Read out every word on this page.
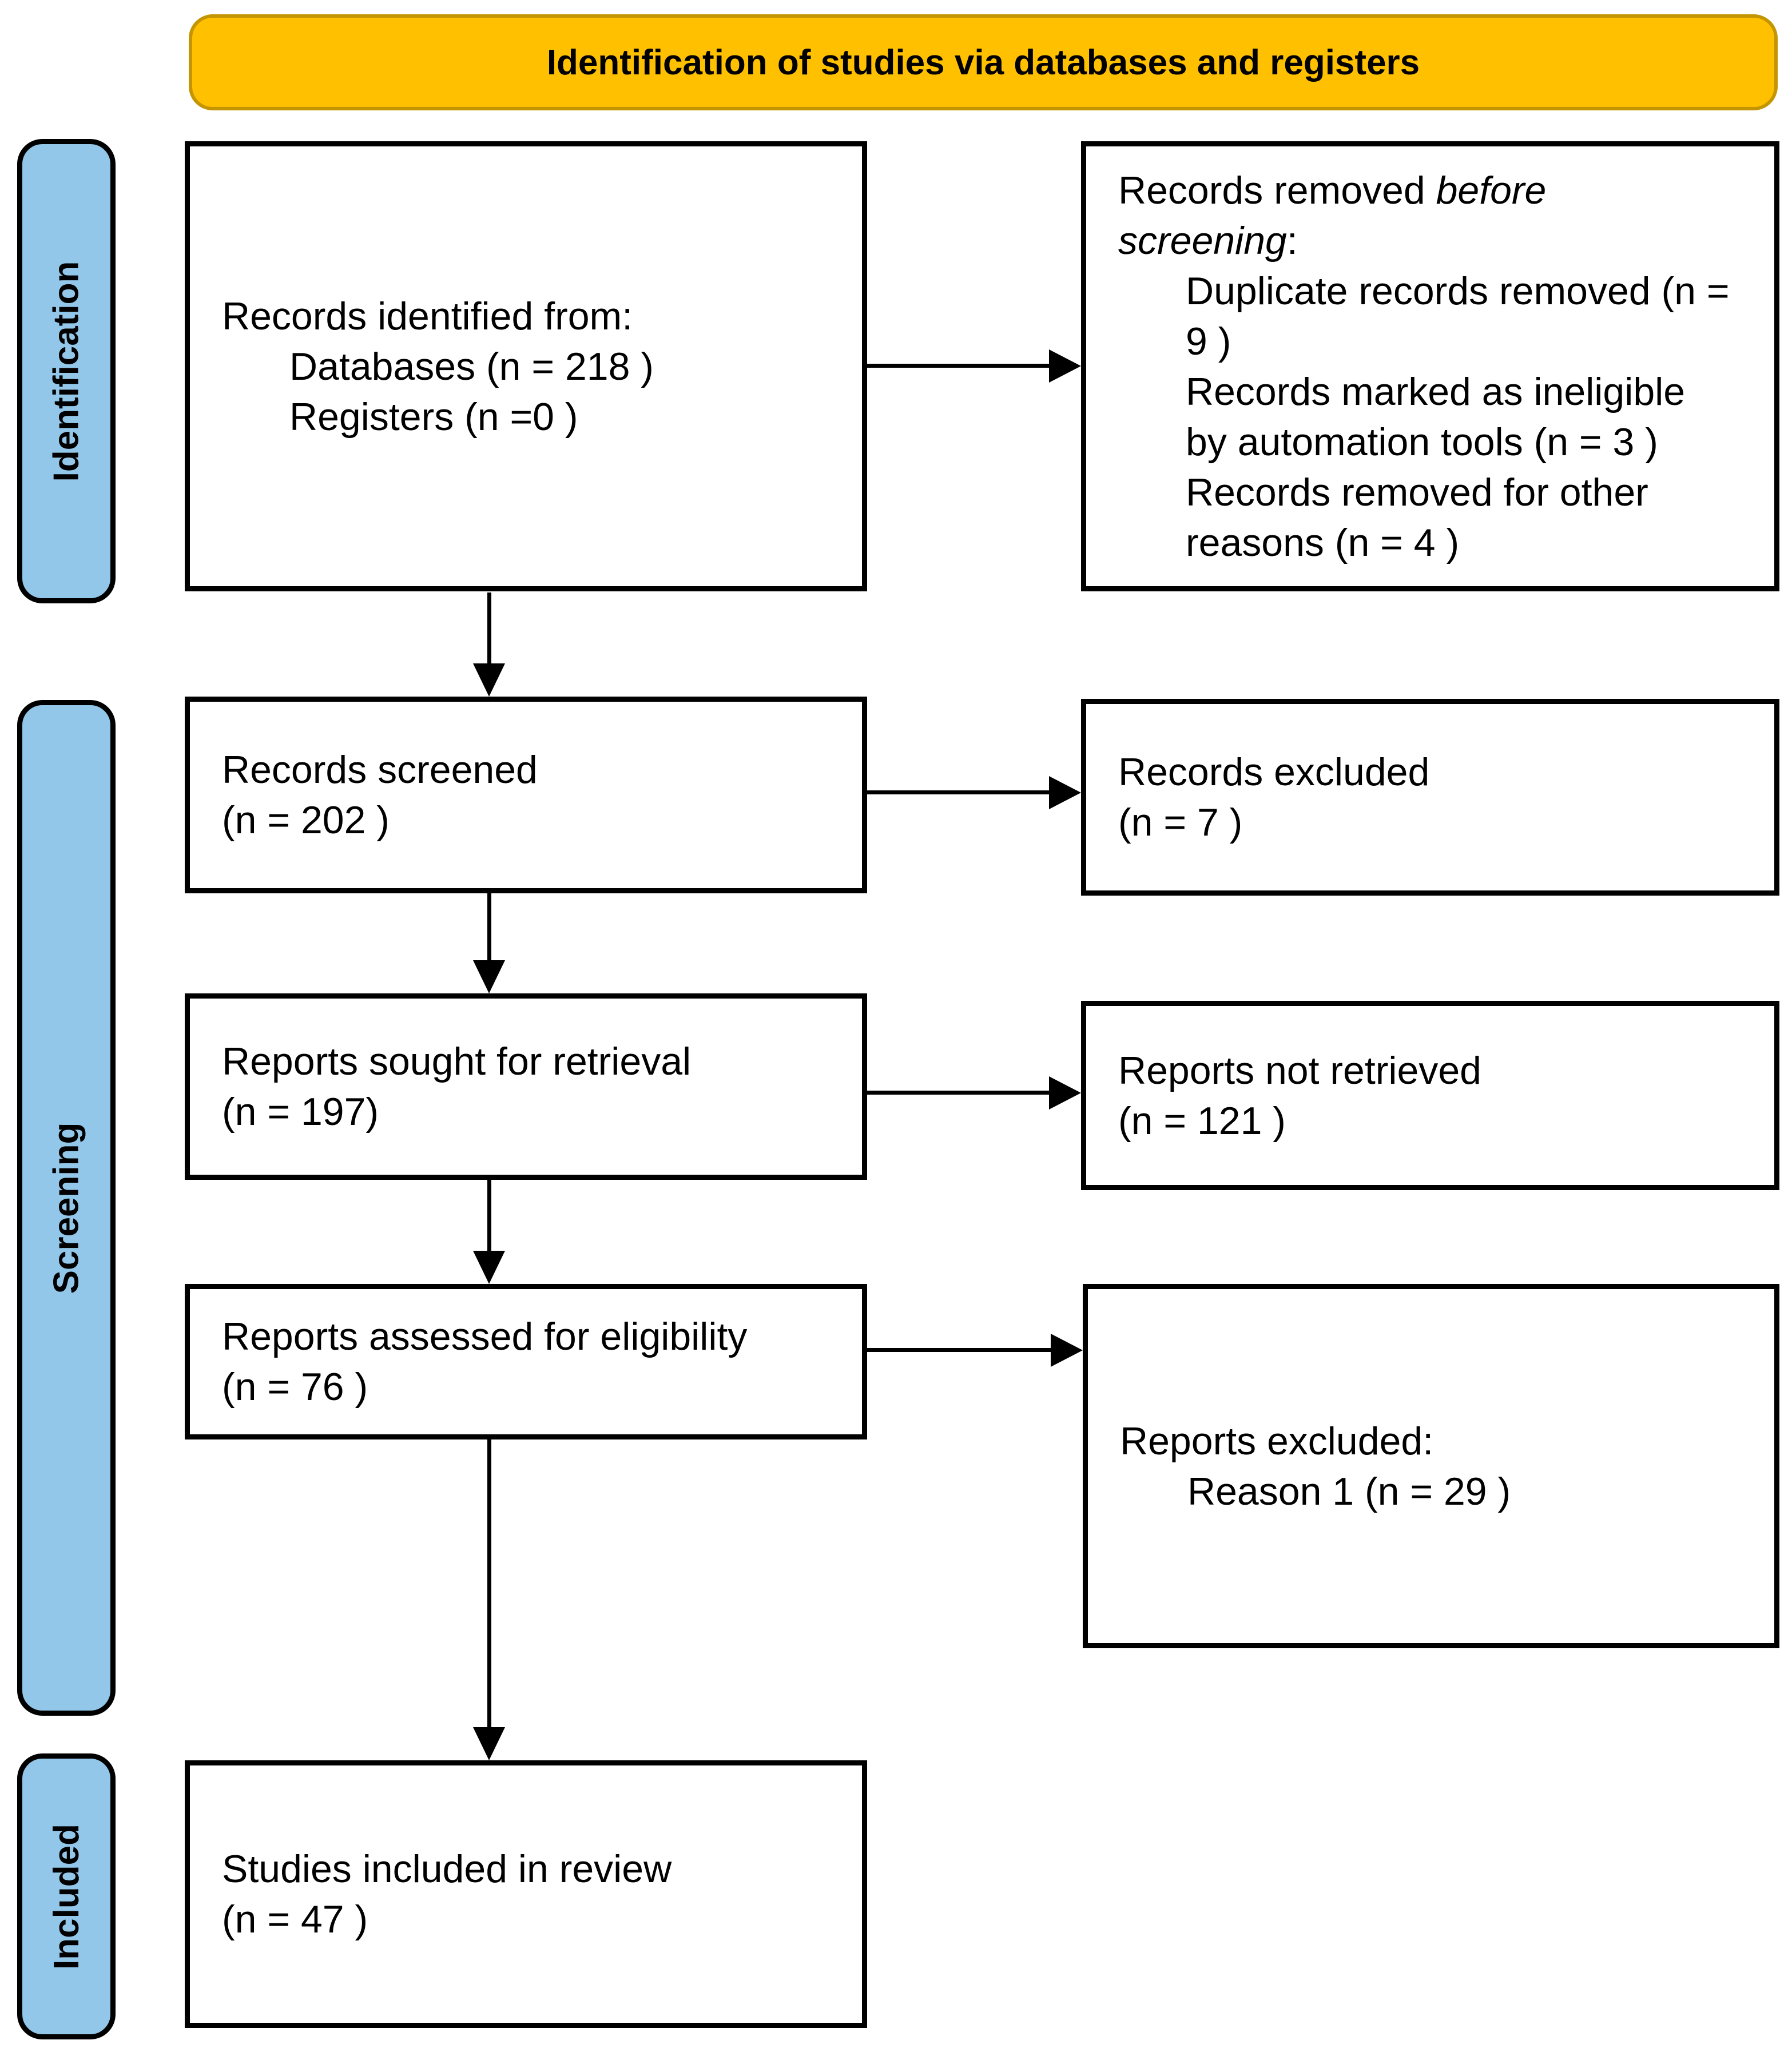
Identification of studies via databases and registers
Identification
Screening
Included
Records identified from:
Databases (n = 218 )
Registers (n =0 )
Records removed before screening:
Duplicate records removed (n = 9 )
Records marked as ineligible by automation tools (n = 3 )
Records removed for other reasons (n = 4 )
Records screened
(n = 202 )
Records excluded
(n = 7 )
Reports sought for retrieval
(n = 197)
Reports not retrieved
(n = 121 )
Reports assessed for eligibility
(n = 76 )
Reports excluded:
Reason 1 (n = 29 )
Studies included in review
(n = 47 )
